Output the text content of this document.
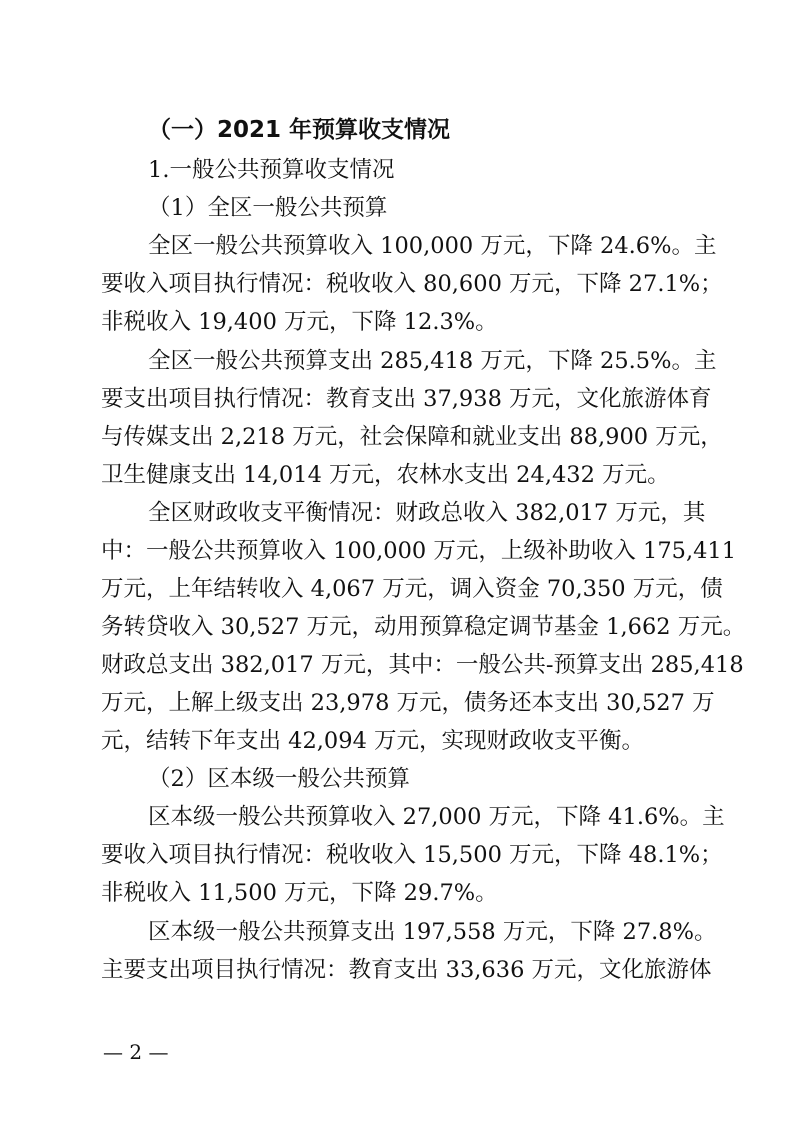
（一）2021 年预算收支情况
1.一般公共预算收支情况
（1）全区一般公共预算
全区一般公共预算收入 100,000 万元，下降 24.6%。主
要收入项目执行情况：税收收入 80,600 万元，下降 27.1%；
非税收入 19,400 万元，下降 12.3%。
全区一般公共预算支出 285,418 万元，下降 25.5%。主
要支出项目执行情况：教育支出 37,938 万元，文化旅游体育
与传媒支出 2,218 万元，社会保障和就业支出 88,900 万元，
卫生健康支出 14,014 万元，农林水支出 24,432 万元。
全区财政收支平衡情况：财政总收入 382,017 万元，其
中：一般公共预算收入 100,000 万元，上级补助收入 175,411
万元，上年结转收入 4,067 万元，调入资金 70,350 万元，债
务转贷收入 30,527 万元，动用预算稳定调节基金 1,662 万元。
财政总支出 382,017 万元，其中：一般公共-预算支出 285,418
万元，上解上级支出 23,978 万元，债务还本支出 30,527 万
元，结转下年支出 42,094 万元，实现财政收支平衡。
（2）区本级一般公共预算
区本级一般公共预算收入 27,000 万元，下降 41.6%。主
要收入项目执行情况：税收收入 15,500 万元，下降 48.1%；
非税收入 11,500 万元，下降 29.7%。
区本级一般公共预算支出 197,558 万元，下降 27.8%。
主要支出项目执行情况：教育支出 33,636 万元，文化旅游体
— 2 —
